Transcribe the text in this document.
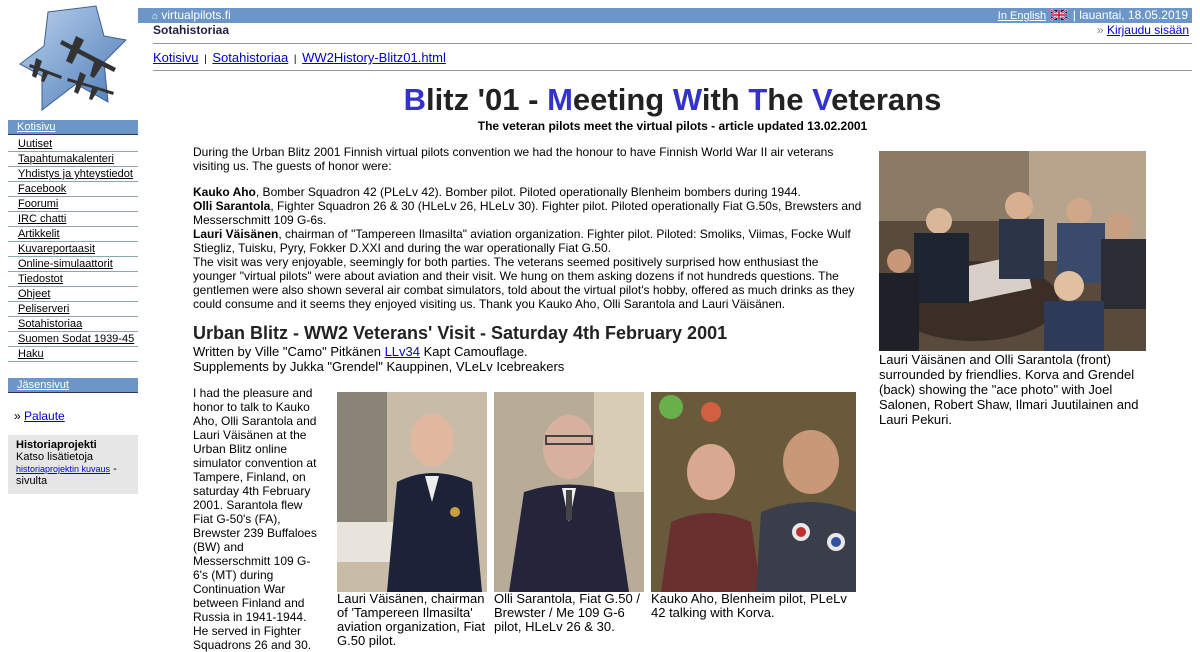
⌂ virtualpilots.fi	In English | lauantai, 18.05.2019
Sotahistoriaa	» Kirjaudu sisään
Kotisivu | Sotahistoriaa | WW2History-Blitz01.html
Kotisivu
Uutiset
Tapahtumakalenteri
Yhdistys ja yhteystiedot
Facebook
Foorumi
IRC chatti
Artikkelit
Kuvareportaasit
Online-simulaattorit
Tiedostot
Ohjeet
Peliserveri
Sotahistoriaa
Suomen Sodat 1939-45
Haku
Jäsensivut
» Palaute
Historiaprojekti
Katso lisätietoja
historiaprojektin kuvaus - sivulta
Blitz '01 - Meeting With The Veterans
The veteran pilots meet the virtual pilots - article updated 13.02.2001

During the Urban Blitz 2001 Finnish virtual pilots convention we had the honour to have Finnish World War II air veterans visiting us. The guests of honor were:

Kauko Aho, Bomber Squadron 42 (PLeLv 42). Bomber pilot. Piloted operationally Blenheim bombers during 1944.
Olli Sarantola, Fighter Squadron 26 & 30 (HLeLv 26, HLeLv 30). Fighter pilot. Piloted operationally Fiat G.50s, Brewsters and Messerschmitt 109 G-6s.
Lauri Väisänen, chairman of "Tampereen Ilmasilta" aviation organization. Fighter pilot. Piloted: Smoliks, Viimas, Focke Wulf Stiegliz, Tuisku, Pyry, Fokker D.XXI and during the war operationally Fiat G.50.
The visit was very enjoyable, seemingly for both parties. The veterans seemed positively surprised how enthusiast the younger "virtual pilots" were about aviation and their visit. We hung on them asking dozens if not hundreds questions. The gentlemen were also shown several air combat simulators, told about the virtual pilot's hobby, offered as much drinks as they could consume and it seems they enjoyed visiting us. Thank you Kauko Aho, Olli Sarantola and Lauri Väisänen.
Lauri Väisänen and Olli Sarantola (front) surrounded by friendlies. Korva and Grendel (back) showing the "ace photo" with Joel Salonen, Robert Shaw, Ilmari Juutilainen and Lauri Pekuri.
Urban Blitz - WW2 Veterans' Visit - Saturday 4th February 2001
Written by Ville "Camo" Pitkänen LLv34 Kapt Camouflage.
Supplements by Jukka "Grendel" Kauppinen, VLeLv Icebreakers
I had the pleasure and honor to talk to Kauko Aho, Olli Sarantola and Lauri Väisänen at the Urban Blitz online simulator convention at Tampere, Finland, on saturday 4th February 2001. Sarantola flew Fiat G-50's (FA), Brewster 239 Buffaloes (BW) and Messerschmitt 109 G-6's (MT) during Continuation War between Finland and Russia in 1941-1944. He served in Fighter Squadrons 26 and 30.
Lauri Väisänen, chairman of 'Tampereen Ilmasilta' aviation organization, Fiat G.50 pilot.
Olli Sarantola, Fiat G.50 / Brewster / Me 109 G-6 pilot, HLeLv 26 & 30.
Kauko Aho, Blenheim pilot, PLeLv 42 talking with Korva.
